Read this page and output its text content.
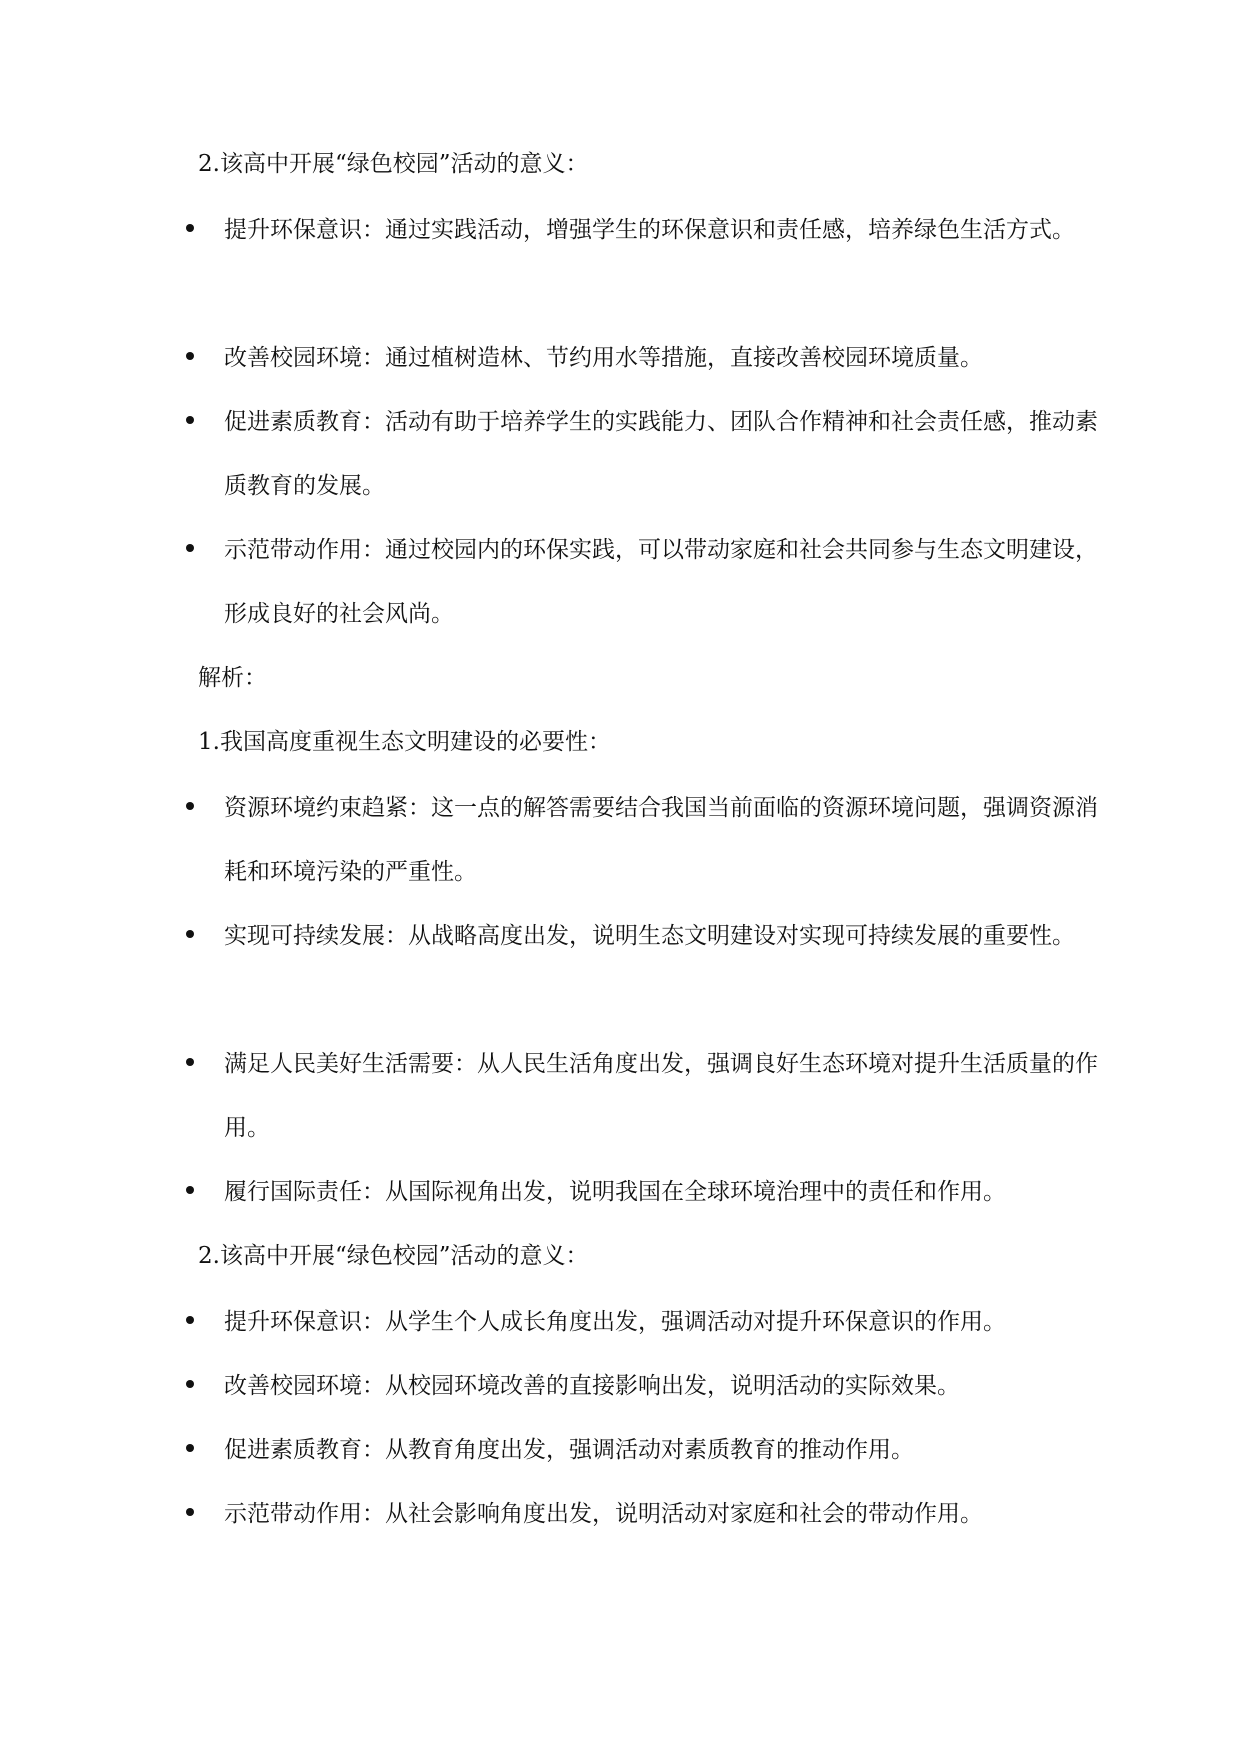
2.该高中开展“绿色校园”活动的意义：
提升环保意识：通过实践活动，增强学生的环保意识和责任感，培养绿色生活方式。
改善校园环境：通过植树造林、节约用水等措施，直接改善校园环境质量。
促进素质教育：活动有助于培养学生的实践能力、团队合作精神和社会责任感，推动素质教育的发展。
示范带动作用：通过校园内的环保实践，可以带动家庭和社会共同参与生态文明建设，形成良好的社会风尚。
解析：
1.我国高度重视生态文明建设的必要性：
资源环境约束趋紧：这一点的解答需要结合我国当前面临的资源环境问题，强调资源消耗和环境污染的严重性。
实现可持续发展：从战略高度出发，说明生态文明建设对实现可持续发展的重要性。
满足人民美好生活需要：从人民生活角度出发，强调良好生态环境对提升生活质量的作用。
履行国际责任：从国际视角出发，说明我国在全球环境治理中的责任和作用。
2.该高中开展“绿色校园”活动的意义：
提升环保意识：从学生个人成长角度出发，强调活动对提升环保意识的作用。
改善校园环境：从校园环境改善的直接影响出发，说明活动的实际效果。
促进素质教育：从教育角度出发，强调活动对素质教育的推动作用。
示范带动作用：从社会影响角度出发，说明活动对家庭和社会的带动作用。
